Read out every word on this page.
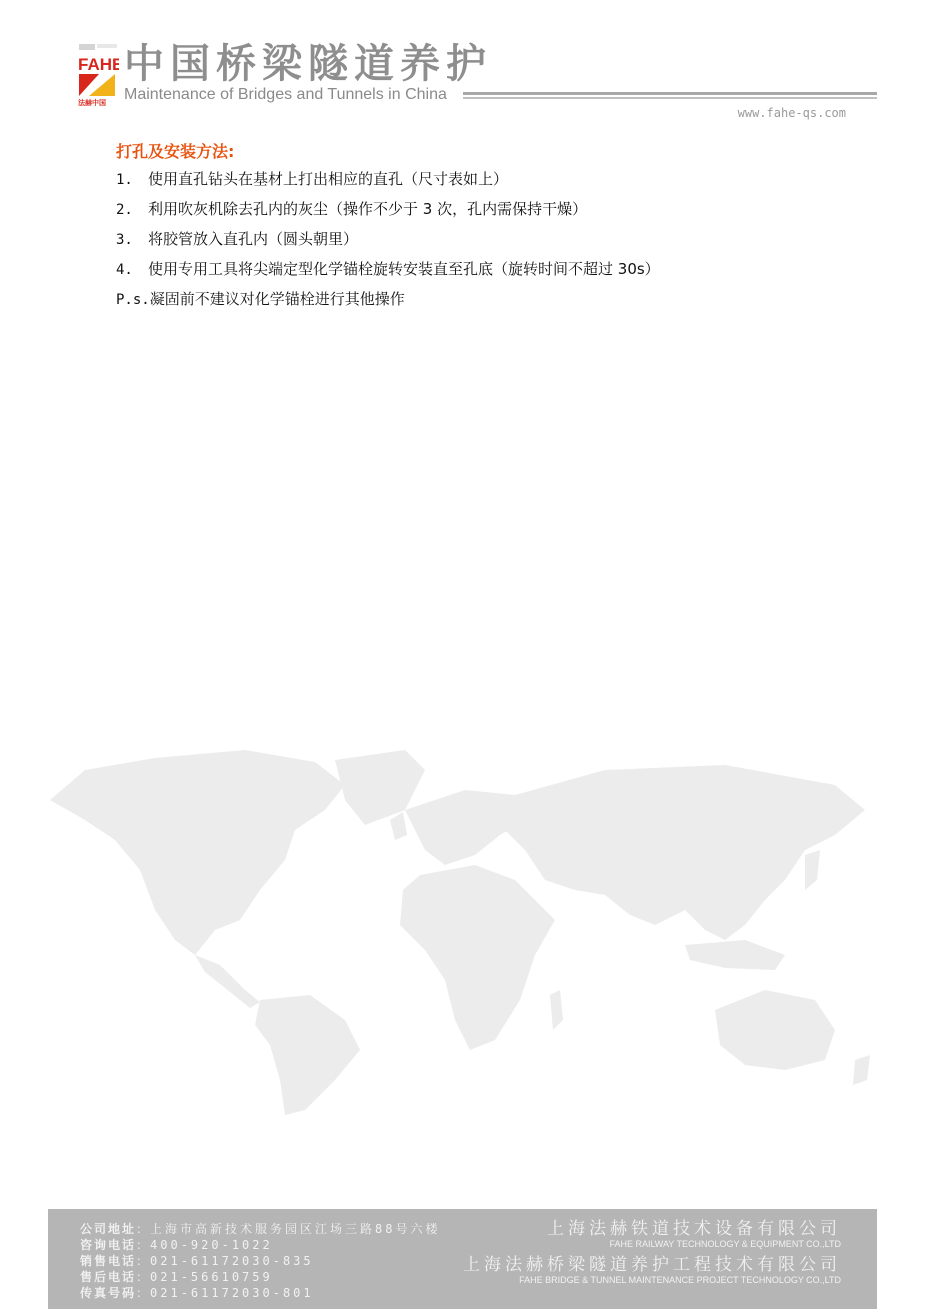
FAHE
法赫中国
中国桥梁隧道养护
Maintenance of Bridges and Tunnels in China
www.fahe-qs.com
打孔及安装方法:
1. 使用直孔钻头在基材上打出相应的直孔（尺寸表如上）
2. 利用吹灰机除去孔内的灰尘（操作不少于 3 次，孔内需保持干燥）
3. 将胶管放入直孔内（圆头朝里）
4. 使用专用工具将尖端定型化学锚栓旋转安装直至孔底（旋转时间不超过 30s）
P.s.凝固前不建议对化学锚栓进行其他操作
公司地址：上海市高新技术服务园区江场三路88号六楼
咨询电话：400-920-1022
销售电话：021-61172030-835
售后电话：021-56610759
传真号码：021-61172030-801
上海法赫铁道技术设备有限公司
FAHE RAILWAY TECHNOLOGY & EQUIPMENT CO.,LTD
上海法赫桥梁隧道养护工程技术有限公司
FAHE BRIDGE & TUNNEL MAINTENANCE PROJECT TECHNOLOGY CO.,LTD
